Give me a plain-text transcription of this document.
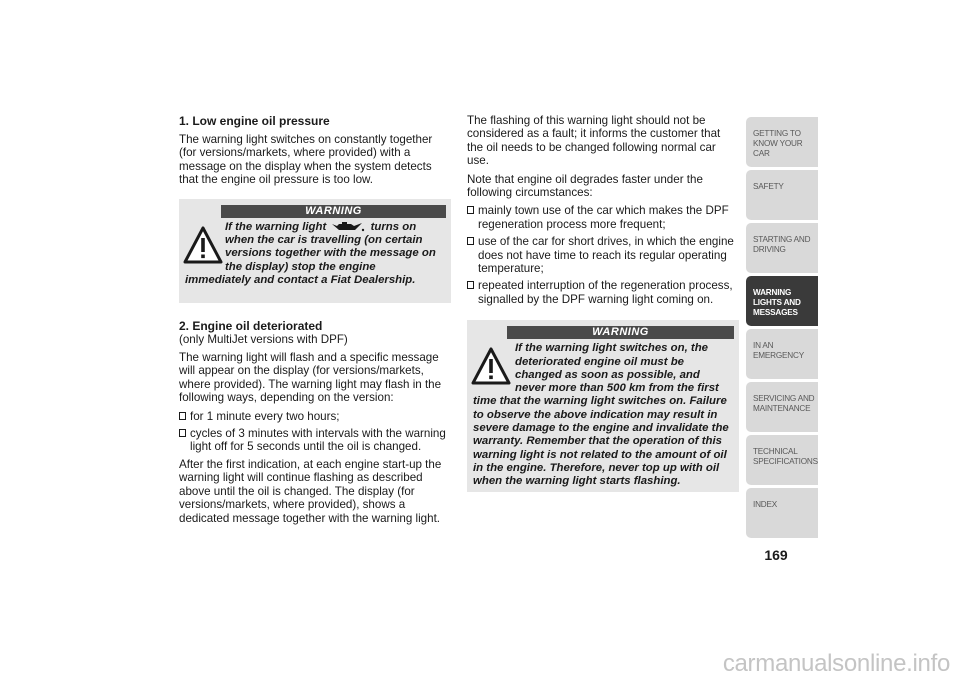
1. Low engine oil pressure

The warning light switches on constantly together (for versions/markets, where provided) with a message on the display when the system detects that the engine oil pressure is too low.

WARNING
If the warning light	turns on when the car is travelling (on certain versions together with the message on the display) stop the engine immediately and contact a Fiat Dealership.
2. Engine oil deteriorated

(only MultiJet versions with DPF)

The warning light will flash and a specific message will appear on the display (for versions/markets, where provided). The warning light may flash in the following ways, depending on the version:

for 1 minute every two hours;
cycles of 3 minutes with intervals with the warning light off for 5 seconds until the oil is changed.

After the first indication, at each engine start-up the warning light will continue flashing as described above until the oil is changed. The display (for versions/markets, where provided), shows a dedicated message together with the warning light.

The flashing of this warning light should not be considered as a fault; it informs the customer that the oil needs to be changed following normal car use.

Note that engine oil degrades faster under the following circumstances:

mainly town use of the car which makes the DPF regeneration process more frequent;
use of the car for short drives, in which the engine does not have time to reach its regular operating temperature;
repeated interruption of the regeneration process, signalled by the DPF warning light coming on.
WARNING
If the warning light switches on, the deteriorated engine oil must be changed as soon as possible, and never more than 500 km from the first time that the warning light switches on. Failure to observe the above indication may result in severe damage to the engine and invalidate the warranty. Remember that the operation of this warning light is not related to the amount of oil in the engine. Therefore, never top up with oil when the warning light starts flashing.
GETTING TO KNOW YOUR CAR
SAFETY
STARTING AND DRIVING
WARNING LIGHTS AND MESSAGES
IN AN EMERGENCY
SERVICING AND MAINTENANCE
TECHNICAL SPECIFICATIONS
INDEX
169
carmanualsonline.info
